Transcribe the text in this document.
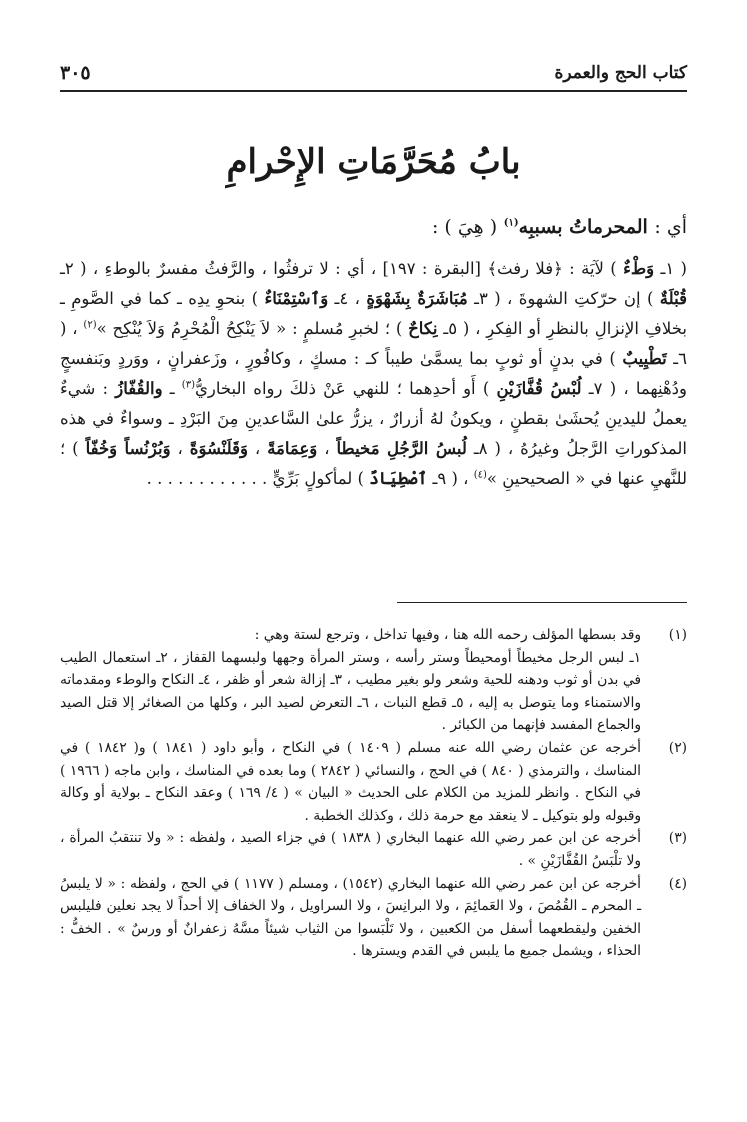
كتاب الحج والعمرة
٣٠٥
بابُ مُحَرَّمَاتِ الإِحْرامِ
أي : المحرماتُ بسببِه$^{(١)}$ ( هِيَ ) :
( ١ـ وَطْءٌ ) لآيَة : ﴿فلا رفث﴾ [البقرة : ١٩٧] ، أي : لا ترفثُوا ، والرَّفثُ مفسرٌ بالوطءِ ، ( ٢ـ قُبْلَةٌ ) إن حرّكتِ الشهوةَ ، ( ٣ـ مُبَاشَرَةٌ بِشَهْوَةٍ ، ٤ـ وَٱسْتِمْنَاءٌ ) بنحوِ يدِه ـ كما في الصَّومِ ـ بخلافِ الإنزالِ بالنظرِ أو الفِكرِ ، ( ٥ـ نِكاحٌ ) ؛ لخبرِ مُسلمٍ : « لاَ يَنْكِحُ الْمُحْرِمُ وَلاَ يُنْكِح »$^{(٢)}$ ، ( ٦ـ تَطْيِيبٌ ) في بدنٍ أو ثوبٍ بما يسمَّىٰ طيباً كـ : مسكٍ ، وكافُورٍ ، وزَعفرانٍ ، ووَردٍ وبَنفسجٍ ودُهْنِهما ، ( ٧ـ لُبْسُ قُفَّازَيْنِ ) أَو أحدِهما ؛ للنهي عَنْ ذلكَ رواه البخاريُّ$^{(٣)}$ ـ والقُفّازُ : شيءٌ يعملُ لليدينِ يُحشَىٰ بقطنٍ ، ويكونُ لهُ أزرارٌ ، يزرُّ علىٰ السَّاعدينِ مِنَ البَرْدِ ـ وسواءٌ في هذه المذكوراتِ الرَّجلُ وغيرُهُ ، ( ٨ـ لُبسُ الرَّجُلِ مَخيطاً ، وَعِمَامَةً ، وَقَلَنْسُوَةً ، وَبُرْنُساً وَخُفّاً ) ؛ للنَّهيِ عنها في « الصحيحينِ »$^{(٤)}$ ، ( ٩ـ ٱصْطِيَادٌ ) لمأكولٍ بَرِّيٍّ . . . . . . . . . . . .
(١)

وقد بسطها المؤلف رحمه الله هنا ، وفيها تداخل ، وترجع لستة وهي :

١ـ لبس الرجل مخيطاً أومحيطاً وستر رأسه ، وستر المرأة وجهها ولبسهما القفاز ، ٢ـ استعمال الطيب في بدن أو ثوب ودهنه للحية وشعر ولو بغير مطيب ، ٣ـ إزالة شعر أو ظفر ، ٤ـ النكاح والوطء ومقدماته والاستمناء وما يتوصل به إليه ، ٥ـ قطع النبات ، ٦ـ التعرض لصيد البر ، وكلها من الصغائر إلا قتل الصيد والجماع المفسد فإنهما من الكبائر .

(٢)

أخرجه عن عثمان رضي الله عنه مسلم ( ١٤٠٩ ) في النكاح ، وأبو داود ( ١٨٤١ ) و( ١٨٤٢ ) في المناسك ، والترمذي ( ٨٤٠ ) في الحج ، والنسائي ( ٢٨٤٢ ) وما بعده في المناسك ، وابن ماجه ( ١٩٦٦ ) في النكاح . وانظر للمزيد من الكلام على الحديث « البيان » ( ٤/ ١٦٩ ) وعقد النكاح ـ بولاية أو وكالة وقبوله ولو بتوكيل ـ لا ينعقد مع حرمة ذلك ، وكذلك الخطبة .

(٣)

أخرجه عن ابن عمر رضي الله عنهما البخاري ( ١٨٣٨ ) في جزاء الصيد ، ولفظه : « ولا تنتقبُ المرأة ، ولا تلْبَسُ القُفَّازَيْنِ » .

(٤)

أخرجه عن ابن عمر رضي الله عنهما البخاري (١٥٤٢) ، ومسلم ( ١١٧٧ ) في الحج ، ولفظه : « لا يلبسُ ـ المحرم ـ القُمُصَ ، ولا العَمائِمَ ، ولا البرانِسَ ، ولا السراويل ، ولا الخفاف إلا أحداً لا يجد نعلين فليلبس الخفين وليقطعهما أسفل من الكعبين ، ولا تَلْبَسوا من الثياب شيئاً مسَّهُ زعفرانٌ أو ورسٌ » . الخفُّ : الحذاء ، ويشمل جميع ما يلبس في القدم ويسترها .
